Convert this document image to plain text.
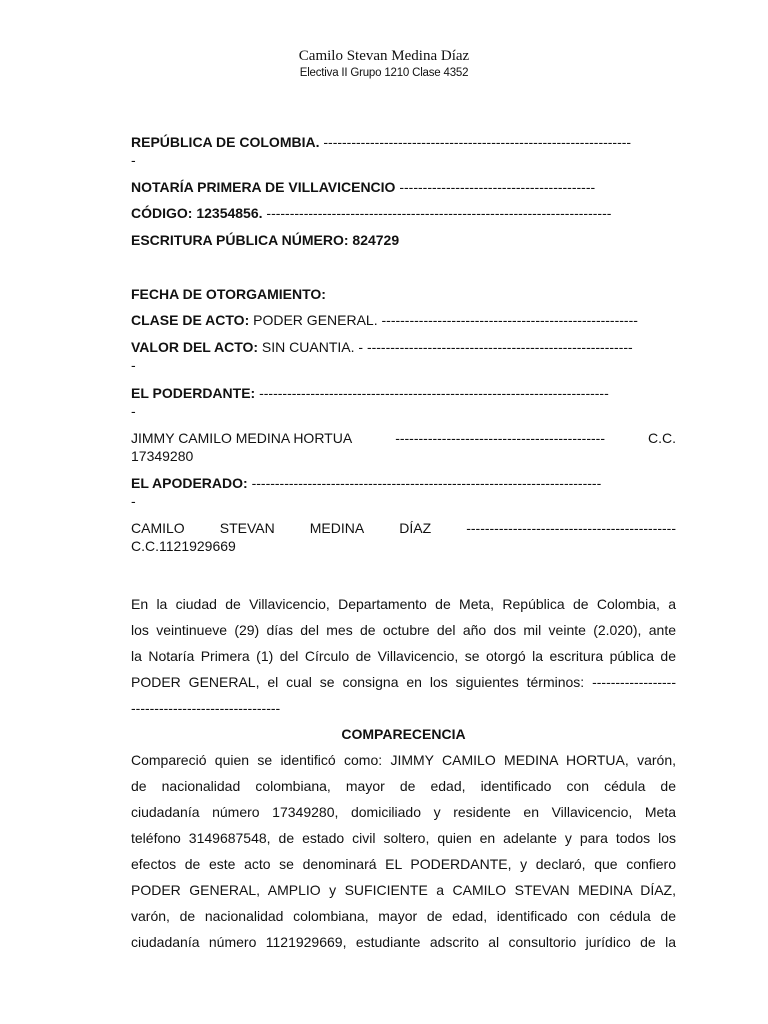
Camilo Stevan Medina Díaz
Electiva II Grupo 1210 Clase 4352
REPÚBLICA DE COLOMBIA. ------------------------------------------------------------------
-
NOTARÍA PRIMERA DE VILLAVICENCIO ------------------------------------------
CÓDIGO: 12354856. --------------------------------------------------------------------------
ESCRITURA PÚBLICA NÚMERO: 824729
FECHA DE OTORGAMIENTO:
CLASE DE ACTO: PODER GENERAL. -------------------------------------------------------
VALOR DEL ACTO: SIN CUANTIA. - ---------------------------------------------------------
-
EL PODERDANTE: ---------------------------------------------------------------------------
-
JIMMY CAMILO MEDINA HORTUA	---------------------------------------------	C.C.
17349280
EL APODERADO: ---------------------------------------------------------------------------
-
CAMILO	STEVAN	MEDINA	DÍAZ	---------------------------------------------
C.C.1121929669

En la ciudad de Villavicencio, Departamento de Meta, República de Colombia, a

los veintinueve (29) días del mes de octubre del año dos mil veinte (2.020), ante

la Notaría Primera (1) del Círculo de Villavicencio, se otorgó la escritura pública de

PODER GENERAL, el cual se consigna en los siguientes términos: ------------------

--------------------------------

COMPARECENCIA

Compareció quien se identificó como: JIMMY CAMILO MEDINA HORTUA, varón,

de nacionalidad colombiana, mayor de edad, identificado con cédula de

ciudadanía número 17349280, domiciliado y residente en Villavicencio, Meta

teléfono 3149687548, de estado civil soltero, quien en adelante y para todos los

efectos de este acto se denominará EL PODERDANTE, y declaró, que confiero

PODER GENERAL, AMPLIO y SUFICIENTE a CAMILO STEVAN MEDINA DÍAZ,

varón, de nacionalidad colombiana, mayor de edad, identificado con cédula de

ciudadanía número 1121929669, estudiante adscrito al consultorio jurídico de la
